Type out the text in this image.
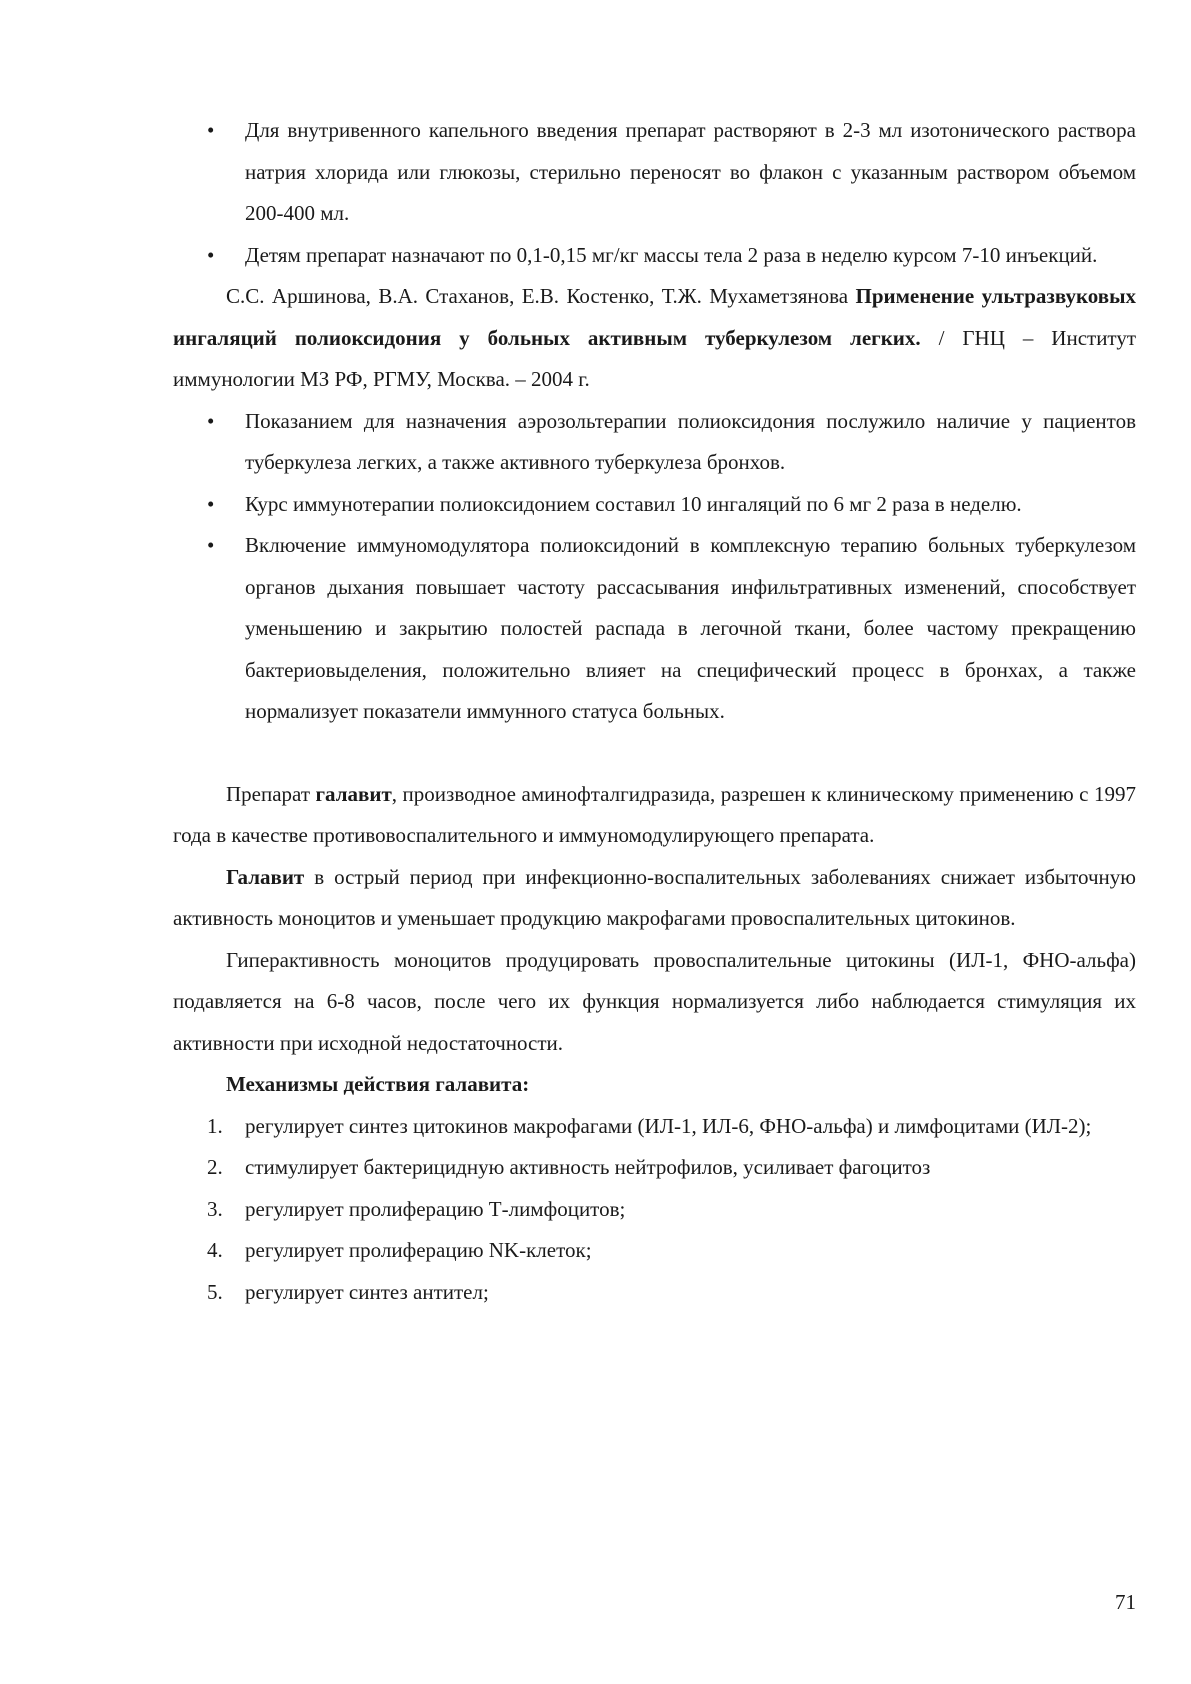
• Для внутривенного капельного введения препарат растворяют в 2-3 мл изотонического раствора натрия хлорида или глюкозы, стерильно переносят во флакон с указанным раствором объемом 200-400 мл.
• Детям препарат назначают по 0,1-0,15 мг/кг массы тела 2 раза в неделю курсом 7-10 инъекций.

С.С. Аршинова, В.А. Стаханов, Е.В. Костенко, Т.Ж. Мухаметзянова Применение ультразвуковых ингаляций полиоксидония у больных активным туберкулезом легких. / ГНЦ – Институт иммунологии МЗ РФ, РГМУ, Москва. – 2004 г.

• Показанием для назначения аэрозольтерапии полиоксидония послужило наличие у пациентов туберкулеза легких, а также активного туберкулеза бронхов.
• Курс иммунотерапии полиоксидонием составил 10 ингаляций по 6 мг 2 раза в неделю.
• Включение иммуномодулятора полиоксидоний в комплексную терапию больных туберкулезом органов дыхания повышает частоту рассасывания инфильтративных изменений, способствует уменьшению и закрытию полостей распада в легочной ткани, более частому прекращению бактериовыделения, положительно влияет на специфический процесс в бронхах, а также нормализует показатели иммунного статуса больных.

Препарат галавит, производное аминофталгидразида, разрешен к клиническому применению с 1997 года в качестве противовоспалительного и иммуномодулирующего препарата.

Галавит в острый период при инфекционно-воспалительных заболеваниях снижает избыточную активность моноцитов и уменьшает продукцию макрофагами провоспалительных цитокинов.

Гиперактивность моноцитов продуцировать провоспалительные цитокины (ИЛ-1, ФНО-альфа) подавляется на 6-8 часов, после чего их функция нормализуется либо наблюдается стимуляция их активности при исходной недостаточности.

Механизмы действия галавита:

1. регулирует синтез цитокинов макрофагами (ИЛ-1, ИЛ-6, ФНО-альфа) и лимфоцитами (ИЛ-2);
2. стимулирует бактерицидную активность нейтрофилов, усиливает фагоцитоз
3. регулирует пролиферацию Т-лимфоцитов;
4. регулирует пролиферацию NK-клеток;
5. регулирует синтез антител;
71
